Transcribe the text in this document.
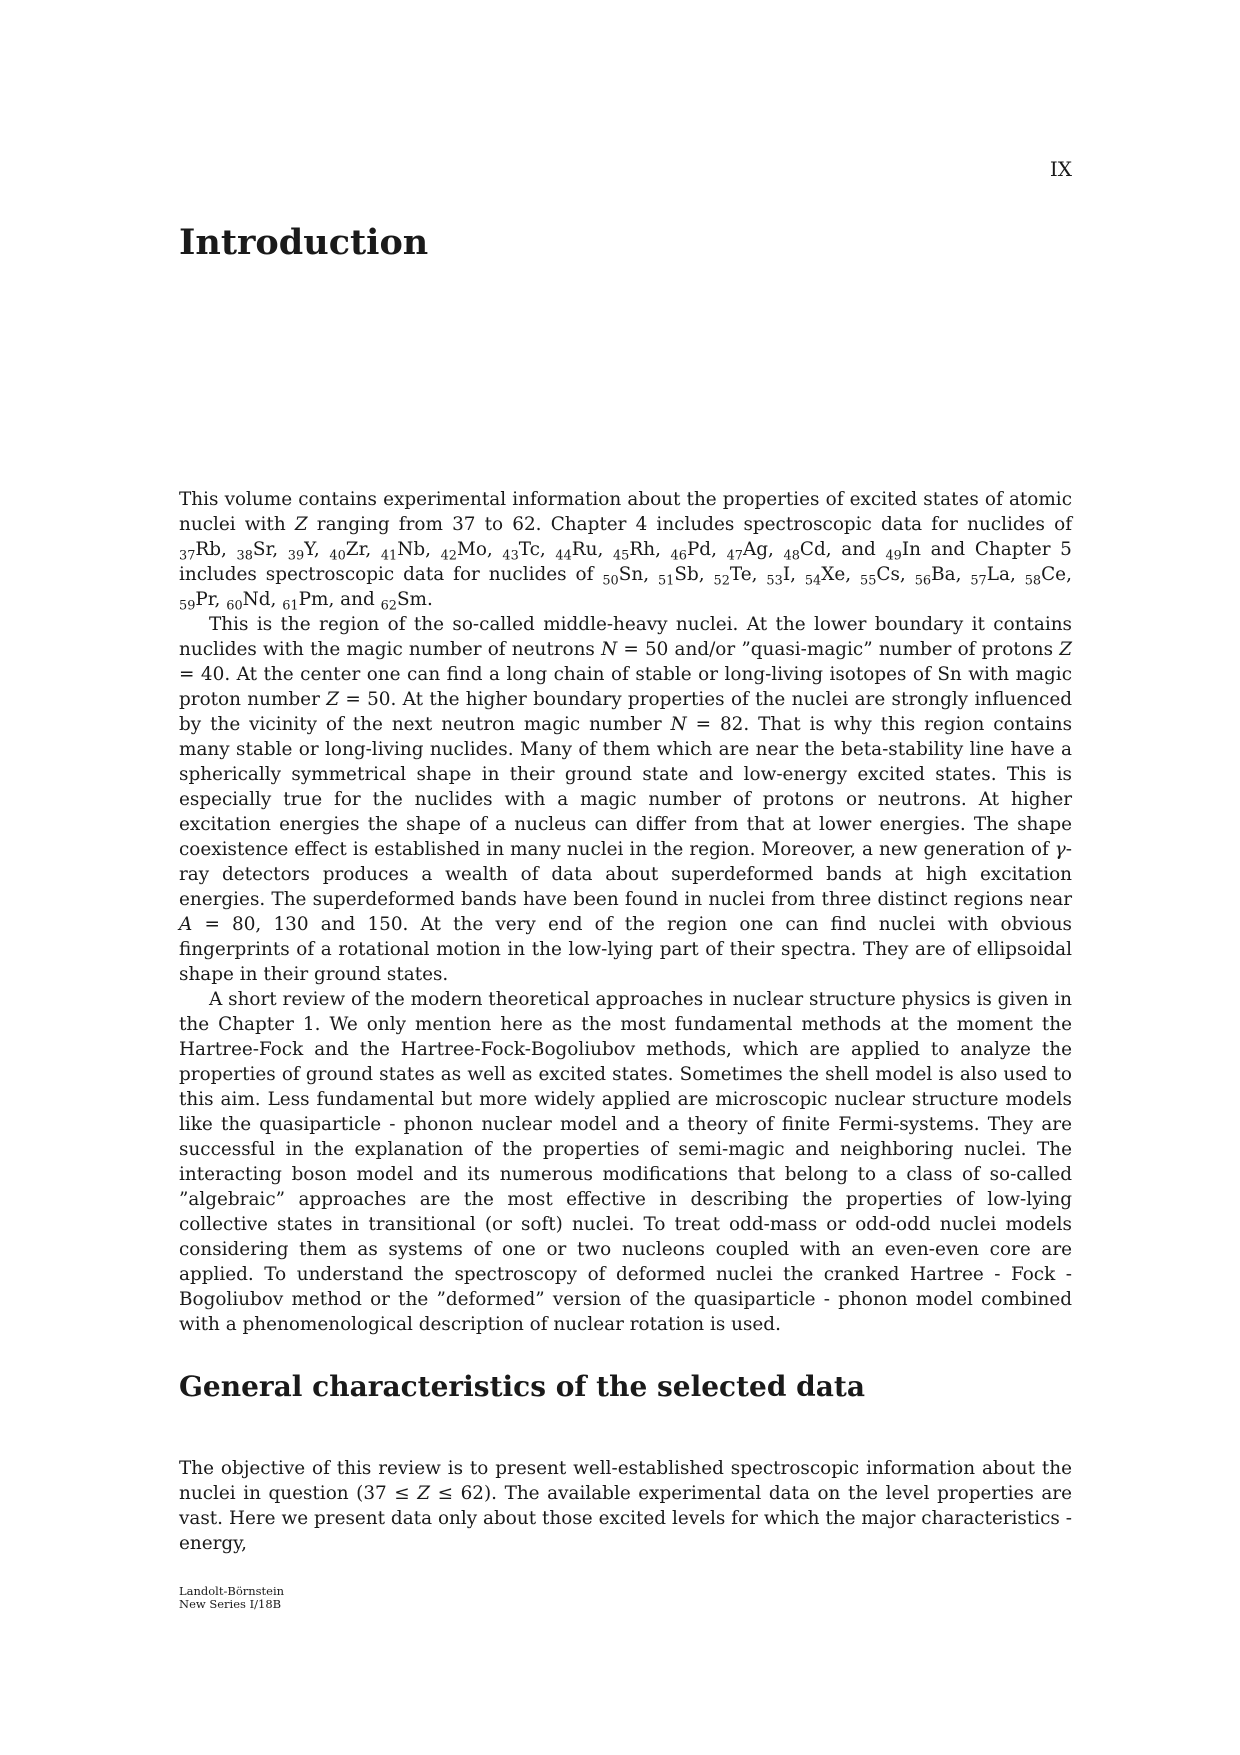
IX
Introduction

This volume contains experimental information about the properties of excited states of atomic nuclei with Z ranging from 37 to 62. Chapter 4 includes spectroscopic data for nuclides of $_{37}$Rb, $_{38}$Sr, $_{39}$Y, $_{40}$Zr, $_{41}$Nb, $_{42}$Mo, $_{43}$Tc, $_{44}$Ru, $_{45}$Rh, $_{46}$Pd, $_{47}$Ag, $_{48}$Cd, and $_{49}$In and Chapter 5 includes spectroscopic data for nuclides of $_{50}$Sn, $_{51}$Sb, $_{52}$Te, $_{53}$I, $_{54}$Xe, $_{55}$Cs, $_{56}$Ba, $_{57}$La, $_{58}$Ce, $_{59}$Pr, $_{60}$Nd, $_{61}$Pm, and $_{62}$Sm.

This is the region of the so-called middle-heavy nuclei. At the lower boundary it contains nuclides with the magic number of neutrons N = 50 and/or ”quasi-magic” number of protons Z = 40. At the center one can find a long chain of stable or long-living isotopes of Sn with magic proton number Z = 50. At the higher boundary properties of the nuclei are strongly influenced by the vicinity of the next neutron magic number N = 82. That is why this region contains many stable or long-living nuclides. Many of them which are near the beta-stability line have a spherically symmetrical shape in their ground state and low-energy excited states. This is especially true for the nuclides with a magic number of protons or neutrons. At higher excitation energies the shape of a nucleus can differ from that at lower energies. The shape coexistence effect is established in many nuclei in the region. Moreover, a new generation of γ-ray detectors produces a wealth of data about superdeformed bands at high excitation energies. The superdeformed bands have been found in nuclei from three distinct regions near A = 80, 130 and 150. At the very end of the region one can find nuclei with obvious fingerprints of a rotational motion in the low-lying part of their spectra. They are of ellipsoidal shape in their ground states.

A short review of the modern theoretical approaches in nuclear structure physics is given in the Chapter 1. We only mention here as the most fundamental methods at the moment the Hartree-Fock and the Hartree-Fock-Bogoliubov methods, which are applied to analyze the properties of ground states as well as excited states. Sometimes the shell model is also used to this aim. Less fundamental but more widely applied are microscopic nuclear structure models like the quasiparticle - phonon nuclear model and a theory of finite Fermi-systems. They are successful in the explanation of the properties of semi-magic and neighboring nuclei. The interacting boson model and its numerous modifications that belong to a class of so-called ”algebraic” approaches are the most effective in describing the properties of low-lying collective states in transitional (or soft) nuclei. To treat odd-mass or odd-odd nuclei models considering them as systems of one or two nucleons coupled with an even-even core are applied. To understand the spectroscopy of deformed nuclei the cranked Hartree - Fock - Bogoliubov method or the ”deformed” version of the quasiparticle - phonon model combined with a phenomenological description of nuclear rotation is used.

General characteristics of the selected data

The objective of this review is to present well-established spectroscopic information about the nuclei in question (37 ≤ Z ≤ 62). The available experimental data on the level properties are vast. Here we present data only about those excited levels for which the major characteristics - energy,

Landolt-Börnstein
New Series I/18B
